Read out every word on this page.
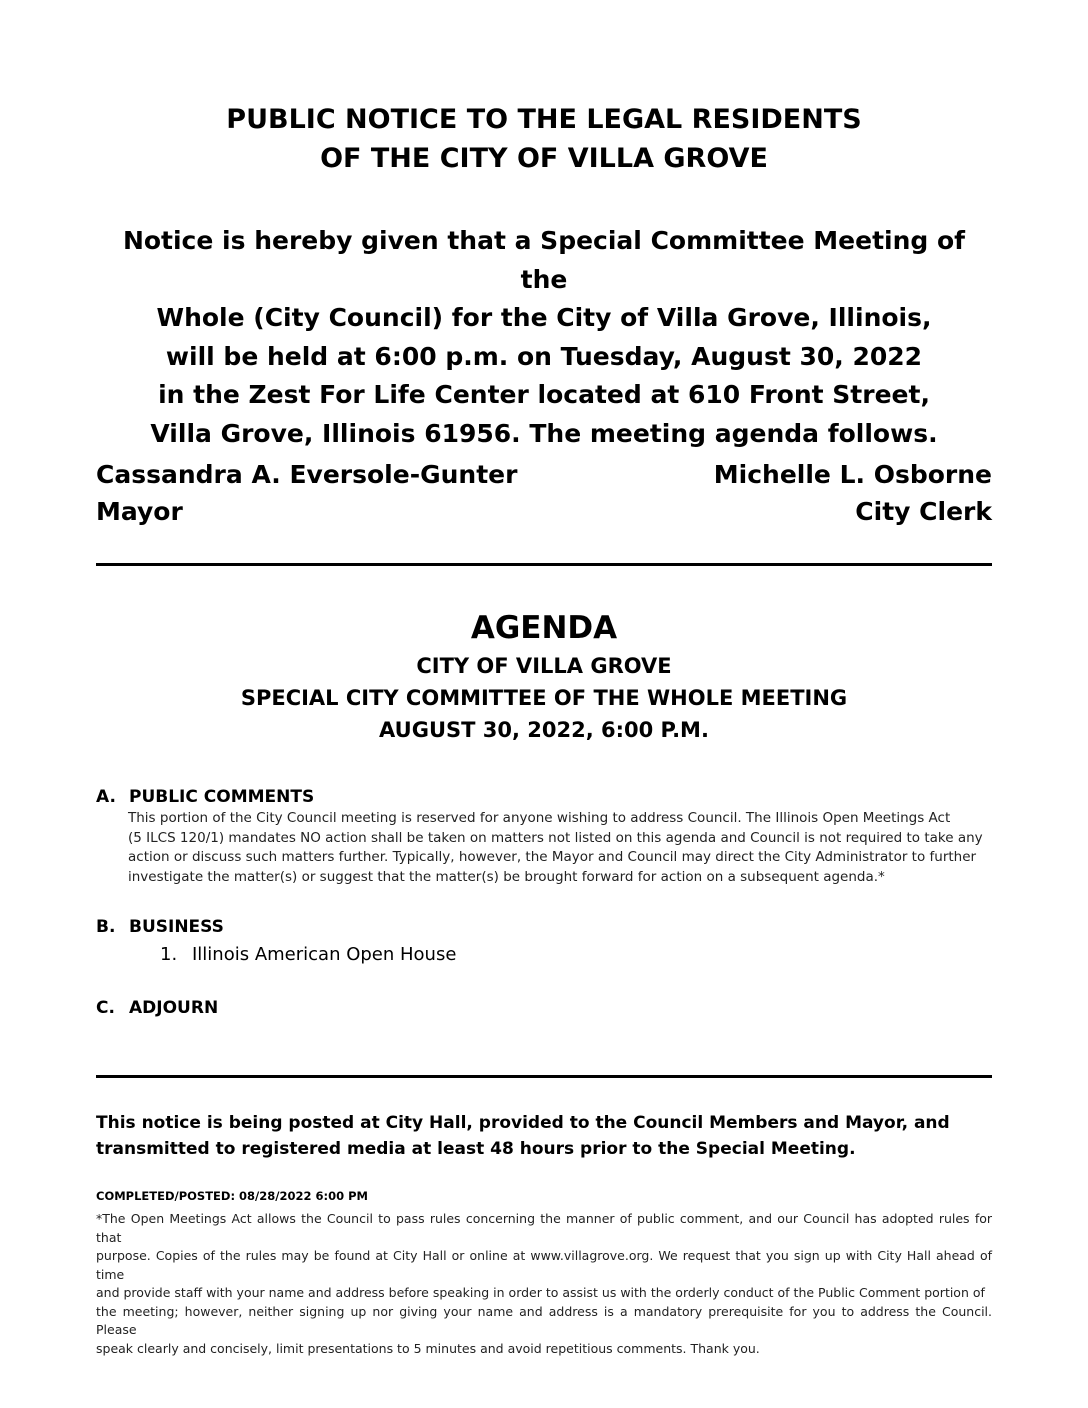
PUBLIC NOTICE TO THE LEGAL RESIDENTS
OF THE CITY OF VILLA GROVE
Notice is hereby given that a Special Committee Meeting of the
Whole (City Council) for the City of Villa Grove, Illinois,
will be held at 6:00 p.m. on Tuesday, August 30, 2022
in the Zest For Life Center located at 610 Front Street,
Villa Grove, Illinois 61956. The meeting agenda follows.
Cassandra A. Eversole-Gunter
Mayor
Michelle L. Osborne
City Clerk
AGENDA
CITY OF VILLA GROVE
SPECIAL CITY COMMITTEE OF THE WHOLE MEETING
AUGUST 30, 2022, 6:00 P.M.
A. PUBLIC COMMENTS
This portion of the City Council meeting is reserved for anyone wishing to address Council. The Illinois Open Meetings Act
(5 ILCS 120/1) mandates NO action shall be taken on matters not listed on this agenda and Council is not required to take any
action or discuss such matters further. Typically, however, the Mayor and Council may direct the City Administrator to further
investigate the matter(s) or suggest that the matter(s) be brought forward for action on a subsequent agenda.*
B. BUSINESS
1. Illinois American Open House
C. ADJOURN
This notice is being posted at City Hall, provided to the Council Members and Mayor, and
transmitted to registered media at least 48 hours prior to the Special Meeting.
COMPLETED/POSTED: 08/28/2022 6:00 PM
*The Open Meetings Act allows the Council to pass rules concerning the manner of public comment, and our Council has adopted rules for that
purpose. Copies of the rules may be found at City Hall or online at www.villagrove.org. We request that you sign up with City Hall ahead of time
and provide staff with your name and address before speaking in order to assist us with the orderly conduct of the Public Comment portion of
the meeting; however, neither signing up nor giving your name and address is a mandatory prerequisite for you to address the Council. Please
speak clearly and concisely, limit presentations to 5 minutes and avoid repetitious comments. Thank you.
